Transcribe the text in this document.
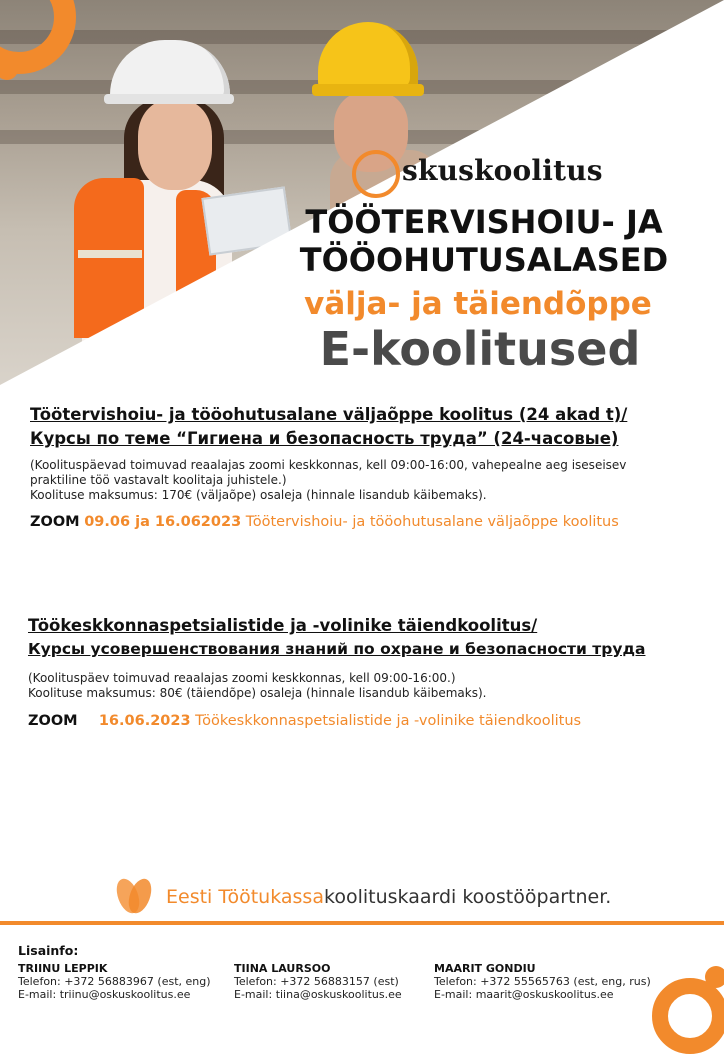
skuskoolitus
TÖÖTERVISHOIU- JA
TÖÖOHUTUSALASED
välja- ja täiendõppe
E-koolitused
Töötervishoiu- ja tööohutusalane väljaõppe koolitus (24 akad t)/
Курсы по теме “Гигиена и безопасность труда” (24-часовые)
(Koolituspäevad toimuvad reaalajas zoomi keskkonnas, kell 09:00-16:00, vahepealne aeg iseseisev
praktiline töö vastavalt koolitaja juhistele.)
Koolituse maksumus: 170€ (väljaõpe) osaleja (hinnale lisandub käibemaks).
ZOOM 09.06 ja 16.062023 Töötervishoiu- ja tööohutusalane väljaõppe koolitus
Töökeskkonnaspetsialistide ja -volinike täiendkoolitus/
Курсы усовершенствования знаний по охране и безопасности труда
(Koolituspäev toimuvad reaalajas zoomi keskkonnas, kell 09:00-16:00.)
Koolituse maksumus: 80€ (täiendõpe) osaleja (hinnale lisandub käibemaks).
ZOOM 16.06.2023 Töökeskkonnaspetsialistide ja -volinike täiendkoolitus
Eesti Töötukassa koolituskaardi koostööpartner.
Lisainfo:
TRIINU LEPPIK
Telefon: +372 56883967 (est, eng)
E-mail: triinu@oskuskoolitus.ee
TIINA LAURSOO
Telefon: +372 56883157 (est)
E-mail: tiina@oskuskoolitus.ee
MAARIT GONDIU
Telefon: +372 55565763 (est, eng, rus)
E-mail: maarit@oskuskoolitus.ee
